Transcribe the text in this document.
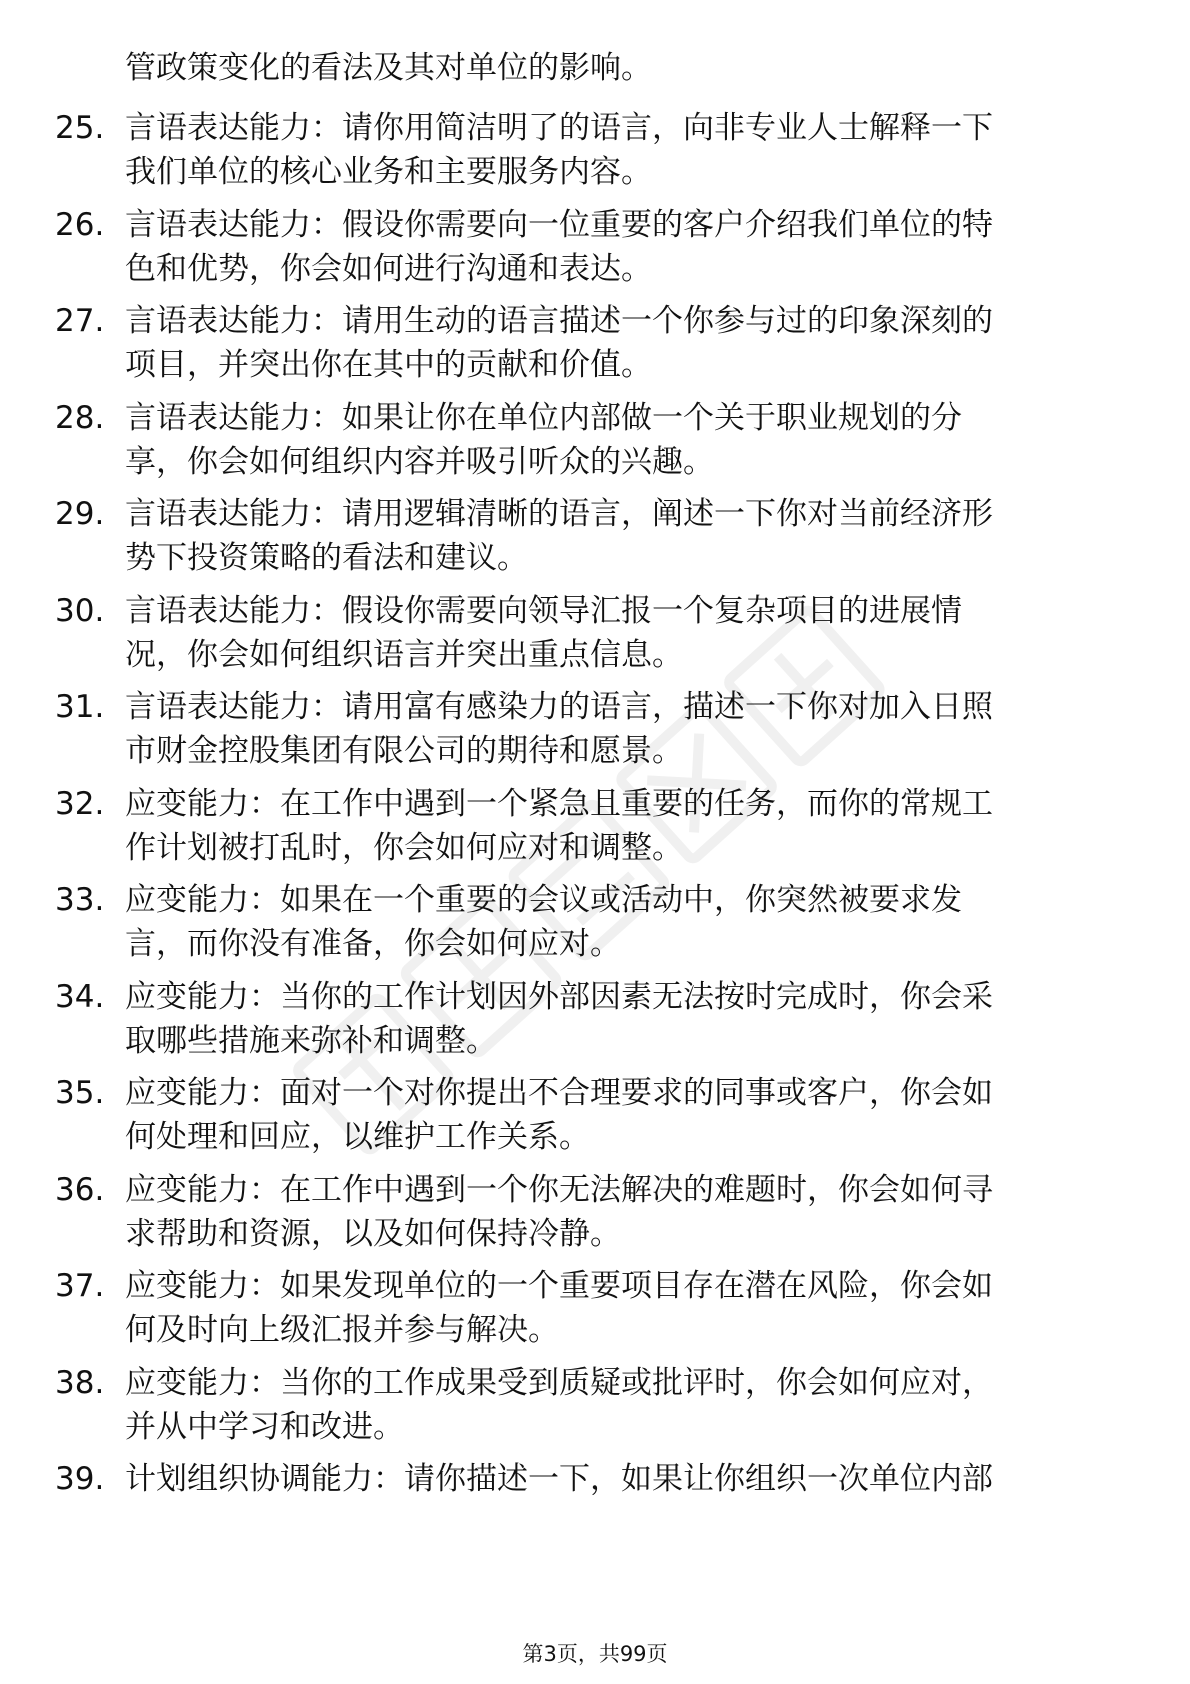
管政策变化的看法及其对单位的影响。
25. 言语表达能力：请你用简洁明了的语言，向非专业人士解释一下
我们单位的核心业务和主要服务内容。
26. 言语表达能力：假设你需要向一位重要的客户介绍我们单位的特
色和优势，你会如何进行沟通和表达。
27. 言语表达能力：请用生动的语言描述一个你参与过的印象深刻的
项目，并突出你在其中的贡献和价值。
28. 言语表达能力：如果让你在单位内部做一个关于职业规划的分
享，你会如何组织内容并吸引听众的兴趣。
29. 言语表达能力：请用逻辑清晰的语言，阐述一下你对当前经济形
势下投资策略的看法和建议。
30. 言语表达能力：假设你需要向领导汇报一个复杂项目的进展情
况，你会如何组织语言并突出重点信息。
31. 言语表达能力：请用富有感染力的语言，描述一下你对加入日照
市财金控股集团有限公司的期待和愿景。
32. 应变能力：在工作中遇到一个紧急且重要的任务，而你的常规工
作计划被打乱时，你会如何应对和调整。
33. 应变能力：如果在一个重要的会议或活动中，你突然被要求发
言，而你没有准备，你会如何应对。
34. 应变能力：当你的工作计划因外部因素无法按时完成时，你会采
取哪些措施来弥补和调整。
35. 应变能力：面对一个对你提出不合理要求的同事或客户，你会如
何处理和回应，以维护工作关系。
36. 应变能力：在工作中遇到一个你无法解决的难题时，你会如何寻
求帮助和资源，以及如何保持冷静。
37. 应变能力：如果发现单位的一个重要项目存在潜在风险，你会如
何及时向上级汇报并参与解决。
38. 应变能力：当你的工作成果受到质疑或批评时，你会如何应对，
并从中学习和改进。
39. 计划组织协调能力：请你描述一下，如果让你组织一次单位内部
第3页，共99页
